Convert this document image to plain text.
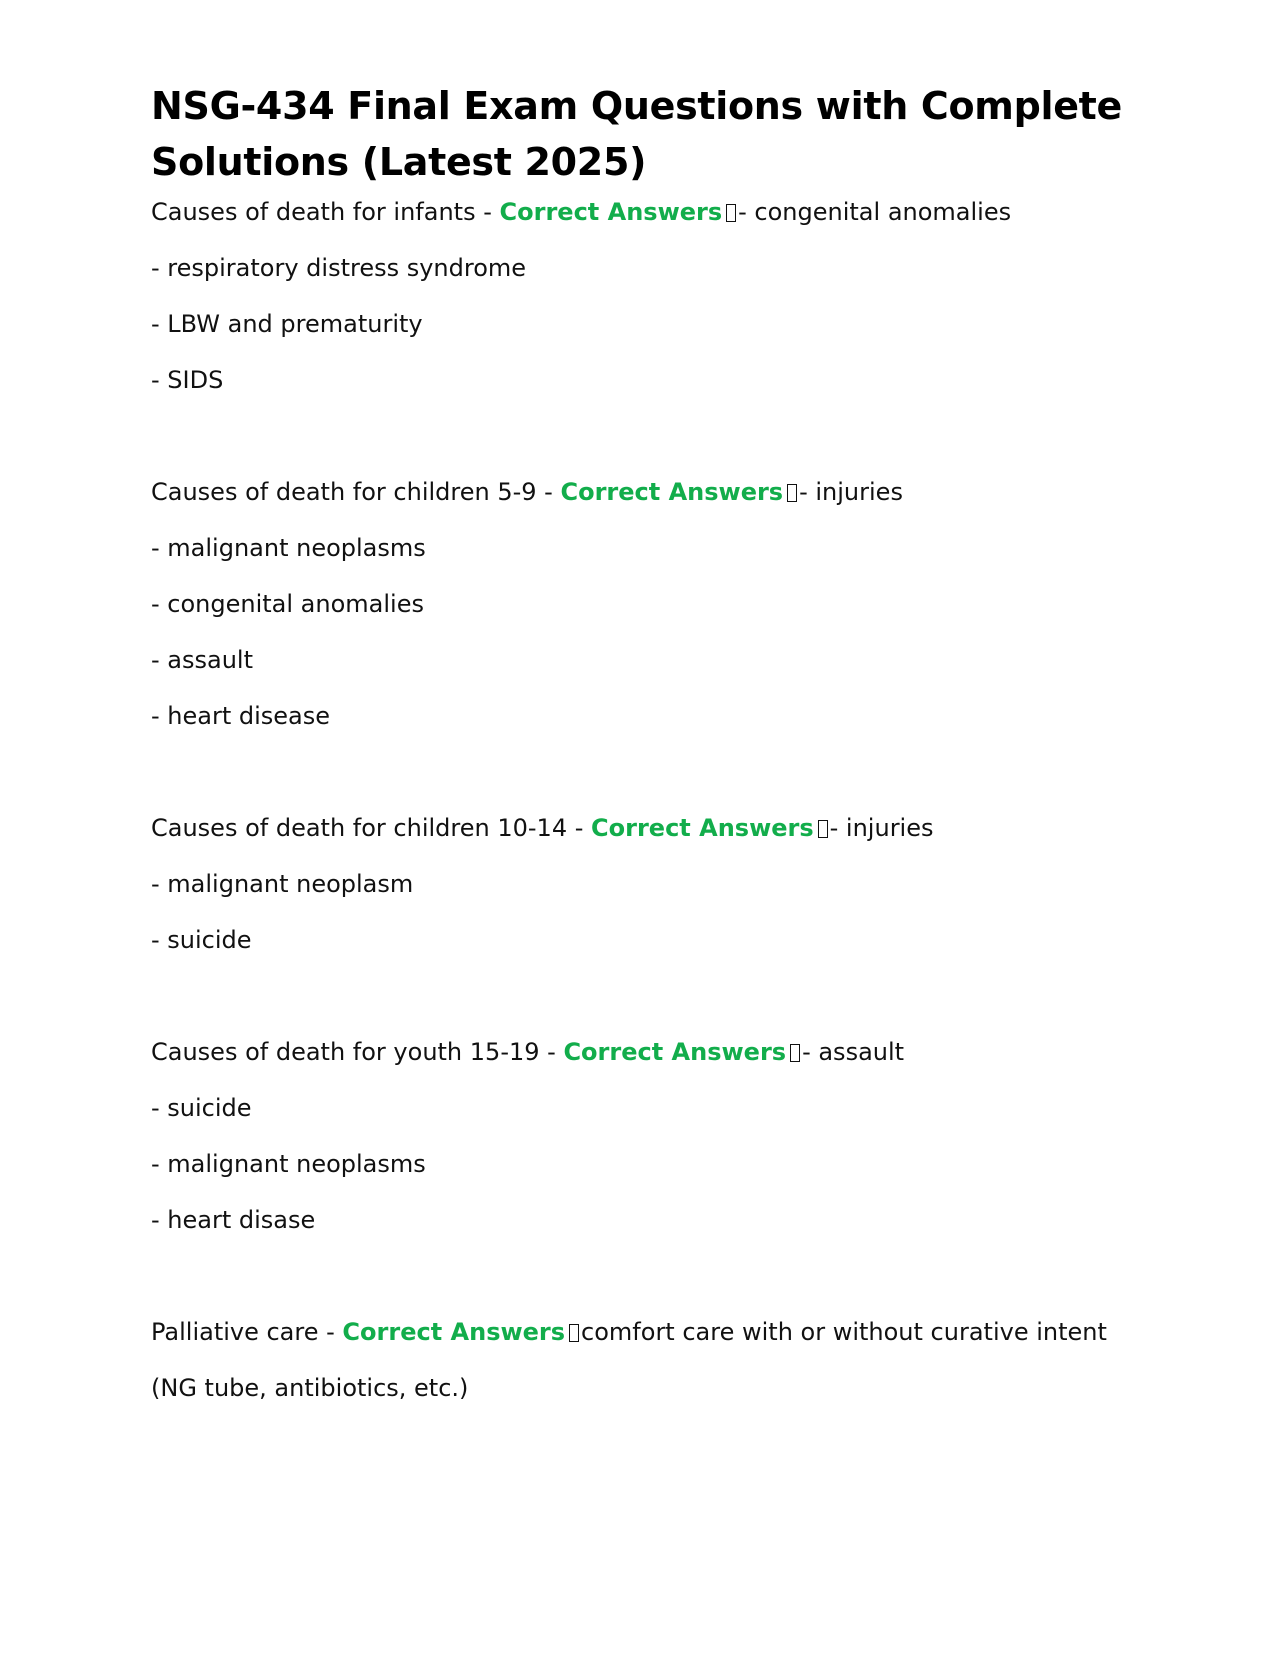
NSG-434 Final Exam Questions with Complete Solutions (Latest 2025)
Causes of death for infants - Correct Answers - congenital anomalies
- respiratory distress syndrome
- LBW and prematurity
- SIDS
Causes of death for children 5-9 - Correct Answers - injuries
- malignant neoplasms
- congenital anomalies
- assault
- heart disease
Causes of death for children 10-14 - Correct Answers - injuries
- malignant neoplasm
- suicide
Causes of death for youth 15-19 - Correct Answers - assault
- suicide
- malignant neoplasms
- heart disase
Palliative care - Correct Answers comfort care with or without curative intent
(NG tube, antibiotics, etc.)
